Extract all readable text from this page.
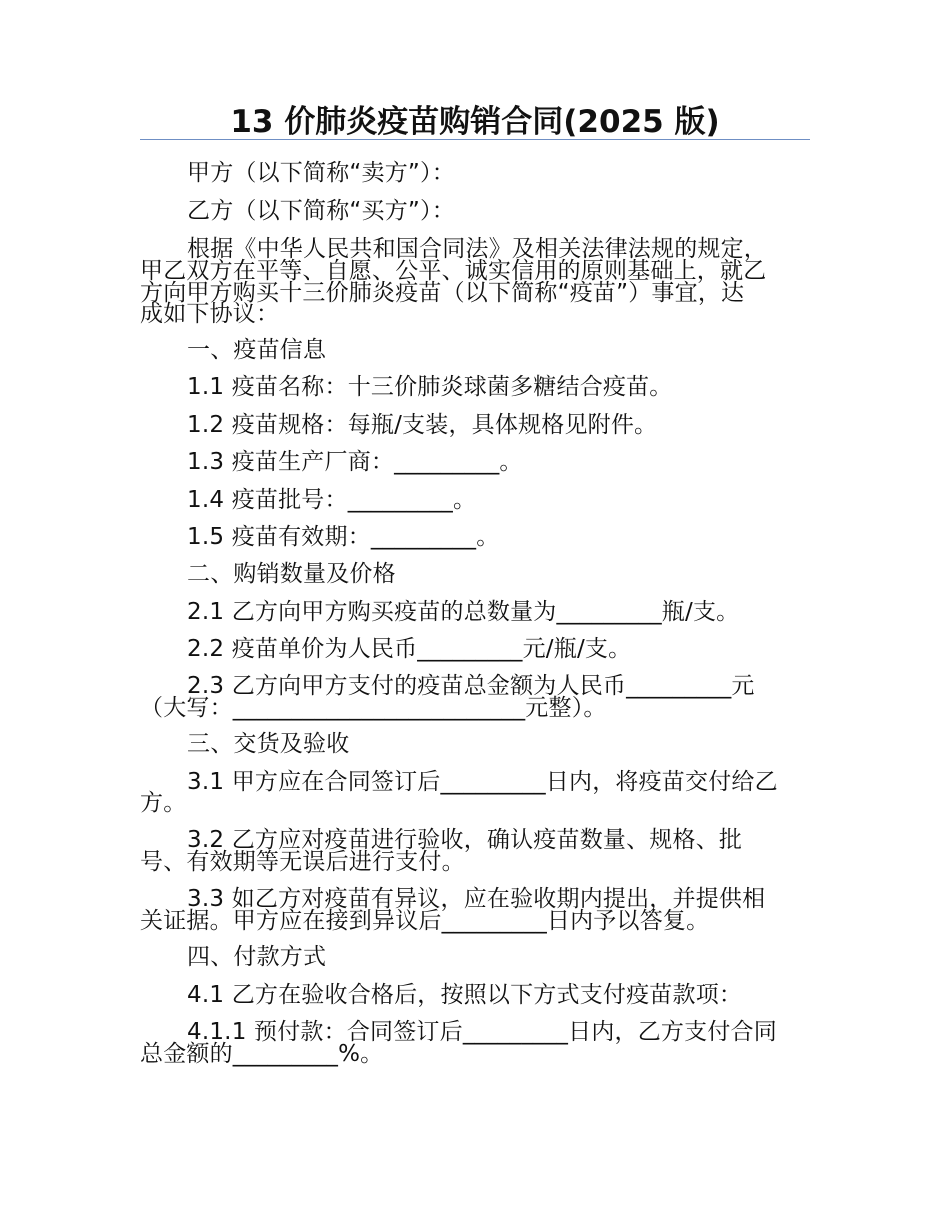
13 价肺炎疫苗购销合同(2025 版)
甲方（以下简称“卖方”）：
乙方（以下简称“买方”）：
根据《中华人民共和国合同法》及相关法律法规的规定，
甲乙双方在平等、自愿、公平、诚实信用的原则基础上，就乙
方向甲方购买十三价肺炎疫苗（以下简称“疫苗”）事宜，达
成如下协议：
一、疫苗信息
1.1 疫苗名称：十三价肺炎球菌多糖结合疫苗。
1.2 疫苗规格：每瓶/支装，具体规格见附件。
1.3 疫苗生产厂商：_________。
1.4 疫苗批号：_________。
1.5 疫苗有效期：_________。
二、购销数量及价格
2.1 乙方向甲方购买疫苗的总数量为_________瓶/支。
2.2 疫苗单价为人民币_________元/瓶/支。
2.3 乙方向甲方支付的疫苗总金额为人民币_________元
（大写：_________________________元整）。
三、交货及验收
3.1 甲方应在合同签订后_________日内，将疫苗交付给乙
方。
3.2 乙方应对疫苗进行验收，确认疫苗数量、规格、批
号、有效期等无误后进行支付。
3.3 如乙方对疫苗有异议，应在验收期内提出，并提供相
关证据。甲方应在接到异议后_________日内予以答复。
四、付款方式
4.1 乙方在验收合格后，按照以下方式支付疫苗款项：
4.1.1 预付款：合同签订后_________日内，乙方支付合同
总金额的_________%。
